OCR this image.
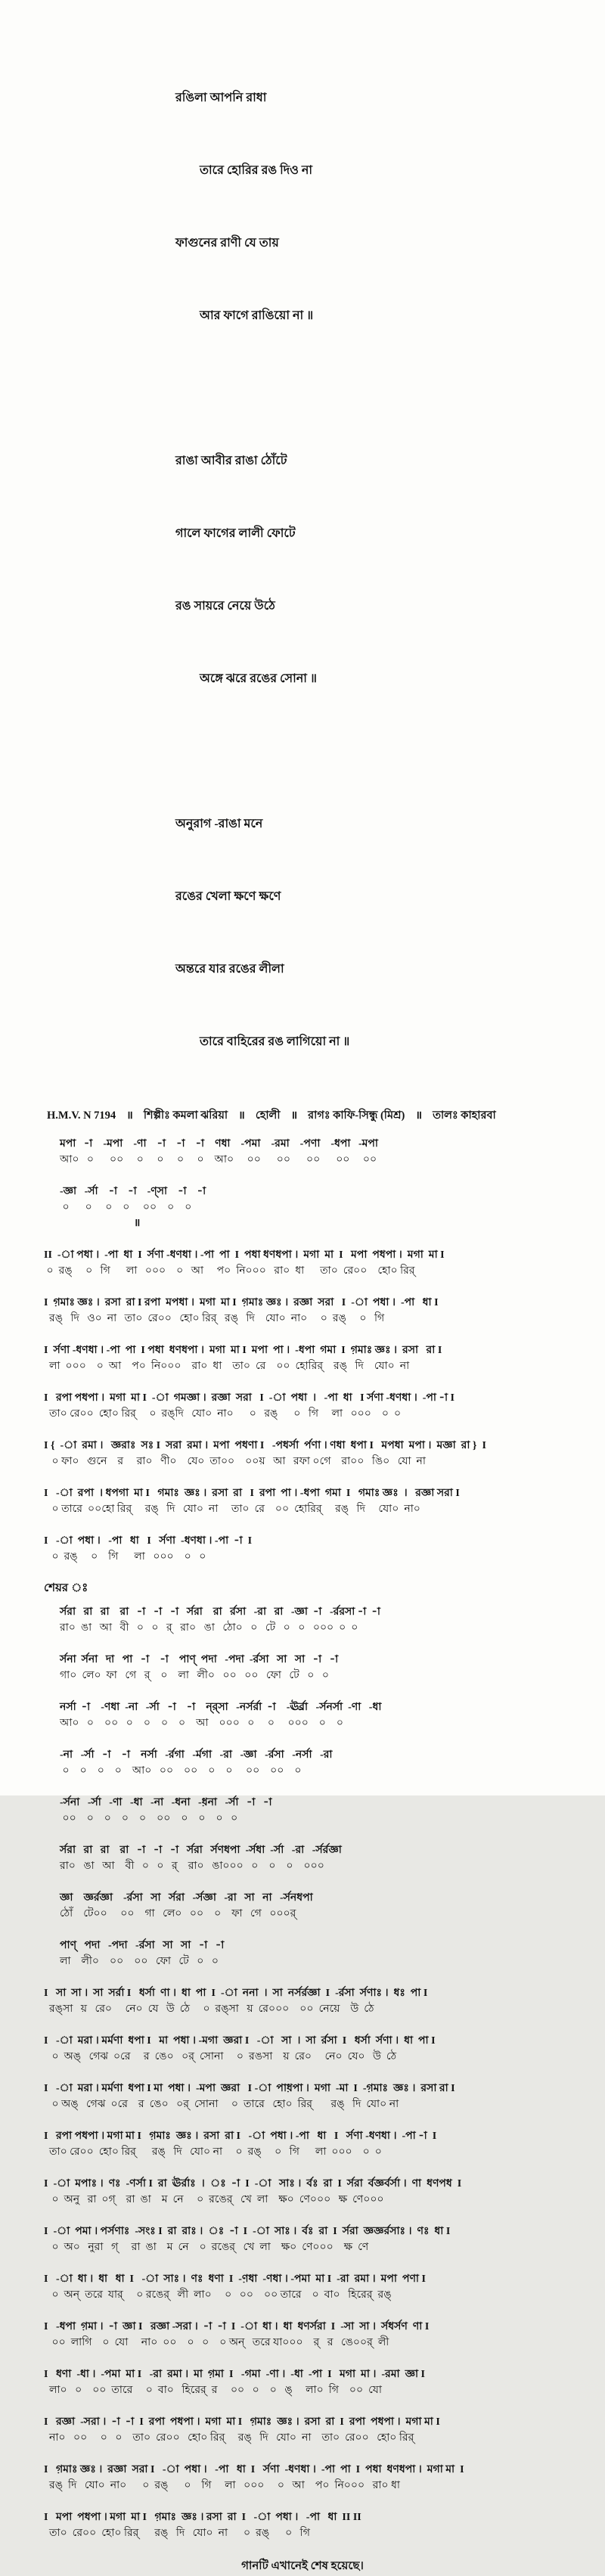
রঙিলা আপনি রাধা

তারে হোরির রঙ দিও না

ফাগুনের রাণী যে তায়

আর ফাগে রাঙিয়ো না ॥

রাঙা আবীর রাঙা ঠোঁটে

গালে ফাগের লালী ফোটে

রঙ সায়রে নেয়ে উঠে

অঙ্গে ঝরে রঙের সোনা ॥

অনুরাগ -রাঙা মনে

রঙের খেলা ক্ষণে ক্ষণে

অন্তরে যার রঙের লীলা

তারে বাহিরের রঙ লাগিয়ো না ॥

H.M.V. N 7194 ॥ শিল্পীঃ কমলা ঝরিয়া ॥ হোলী ॥ রাগঃ কাফি-সিন্ধু (মিশ্র) ॥ তালঃ কাহারবা
মপা   -া    -মপা    -ণা    -া    -া    -া    ণধা    -পমা    -রমা    -পণা    -ধপা   -মপা
আ০   ০      ০০     ০     ০     ০     ০    আ০     ০০      ০০      ০০      ০০     ০০
-জ্ঞা   -র্সা    -া    -া    -ণ্সা    -া    -া
০      ০     ০    ০     ০০    ০    ০
॥
II  -া পধা ।  -পা  ধা  I  র্সণা -ধণধা । -পা  পা  I  পধা ধণধপা ।  মগা  মা  I   মপা  পধপা ।  মগা  মা I
০  রঙ্     ০   গি      লা   ০০০    ০   আ     প০  নি০০০   রা০  ধা      তা০  রে০০    হো০ রির্
I  গ়মাঃ জ্ঞঃ ।  রসা  রা I রপা  মপধা ।  মগা  মা I  গ়মাঃ জ্ঞঃ ।  রজ্ঞা  সরা   I  -া  পধা ।  -পা   ধা I
রঙ্   দি   ও০  না   তা০  রে০০   হো০ রির্   রঙ্   দি    যো০  না০     ০  রঙ্     ০   গি
I  র্সণা -ধণধা । -পা  পা  I পধা  ধণধপা ।  মগা  মা I  মপা  পা ।  -ধপা  গমা  I  গ়মাঃ জ্ঞঃ ।  রসা   রা I
লা  ০০০    ০  আ    প০  নি০০০    রা০  ধা    তা০  রে    ০০  হোরির্    রঙ্   দি    যো০  না
I   রপা পধপা ।  মগা  মা I  -া  গমজ্ঞা ।  রজ্ঞা  সরা   I  -া  পধা  ।   -পা  ধা   I র্সণা -ধণধা ।  -পা -া I
তা০ রে০০  হো০ রির্     ০  রঙ্‌দি   যো০  না০      ০   রঙ্      ০   গি     লা   ০০০    ০  ০
I {  -া  রমা ।   জ্ঞরাঃ  সঃ I  সরা  রমা ।  মপা  পধণা I   -পধর্সা  র্পণা । ণধা  ধপা I   মপধা  মপা ।  মজ্ঞা  রা }  I
০ ফা০   গুনে    র     রা০   ণী০    যে০  তা০০    ০০য়   আ   রফা ০গে    রা০০   ঙি০   যো  না
I   -া  রপা  । ধপগা  মা I   গমাঃ  জ্ঞঃ ।  রসা  রা   I  রপা  পা । -ধপা  গমা  I   গমাঃ জ্ঞঃ  ।   রজ্ঞা সরা I
০ তারে  ০০হো রির্     রঙ্   দি   যো০  না     তা০  রে    ০০  হোরির্     রঙ্   দি     যো০  না০
I   -া  পধা ।   -পা   ধা   I   র্সণা  -ধণধা । -পা  -া  I
০  রঙ্     ০    গি      লা   ০০০    ০   ০
শেয়র ঃ
র্সরা   রা   রা    রা   -া   -া   -া   র্সরা    রা   র্রসা   -রা   রা   -জ্ঞা  -া   -র্ররসা -া  -া
রা০  ঙা   আ   বী   ০   ০   র্   রা০   ঙা   ঠো০   ০   টে   ০   ০   ০০০  ০  ০
র্সনা  র্সনা   দা   পা   -া    -া    পাণ্  পদা   -পদা  -র্রসা   সা   সা   -া   -া
গা০  লে০  ফা   গে   র্    ০    লা   লী০   ০০   ০০   ফো   টে   ০   ০
নর্সা  -া    -ণধা  -না   -র্সা   -া    -া    ন্র্সা   -নর্সর্রা  -া    -ঊর্র্রা   -র্সনর্সা  -ণা   -ধা
আ০   ০    ০০   ০    ০    ০    ০    আ    ০০০   ০     ০     ০০০    ০    ০
-না   -র্সা   -া    -া    নর্সা   -র্রগা   -র্মগা   -রা   -জ্ঞা   -র্রসা   -নর্সা   -রা
০    ০    ০    ০    আ০   ০০    ০০    ০    ০     ০০    ০০    ০
-র্সনা   -র্সা   -ণা   -ধা   -না   -ধনা   -ধ়না   -র্সা   -া   -া
০০    ০    ০    ০    ০    ০০    ০    ০    ০   ০
র্সরা   রা   রা    রা   -া   -া   -া   র্সরা   র্সণধপা  -র্সধা  -র্সা   -রা   -র্সর্রজ্ঞা
রা০   ঙা   আ    বী   ০   ০   র্    রা০   ঙা০০০   ০    ০    ০    ০০০
জ্ঞা    জ্ঞর্রজ্ঞা    -র্রসা   সা   র্সরা   -র্সজ্ঞা   -রা   সা   না   -র্সনধপা
ঠোঁ    টে০০     ০০    গা   লে০   ০০    ০    ফা   গে   ০০০র্
পাণ্   পদা   -পদা   -র্রসা   সা   সা   -া   -া
লা    লী০    ০০    ০০   ফো   টে   ০   ০
I   সা  সা ।  সা  সর্রা I   ধর্সা  ণা ।  ধা  পা  I  -া  ননা  ।  সা  নর্সর্রজ্ঞা  I  -র্রসা  র্সণাঃ ।  ধঃ  পা I
রঙ্‌সা   য়   রে০     নে০  যে   উ  ঠে     ০  রঙ্‌সা   য়  রে০০০    ০০  নেয়ে    উ  ঠে
I   -া  মরা । মর্মণা  ধপা I   মা  পধা । -মগা  জ্ঞরা I   -া   সা  ।  সা  র্রসা  I   ধর্সা  র্সণা ।  ধা  পা I
০  অঙ্   গেঝ  ০রে     র  ঙে০   ০র্  সোনা     ০  রঙসা    য়  রে০     নে০  যে০   উ  ঠে
I   -া  মরা । মর্মণা  ধপা I মা  পধা ।  -মপা  জ্ঞরা   I -া  পাধ়পা ।  মগা  -মা  I  -গ়মাঃ  জ্ঞঃ ।  রসা রা I
০ অঙ্   গেঝ  ০রে    র  ঙে০   ০র্  সোনা     ০  তারে   হো০  রির্       রঙ্   দি  যো০ না
I   রপা পধপা । মগা মা I   গ়মাঃ  জ্ঞঃ ।  রসা  রা I   -া  পধা । -পা   ধা   I   র্সণা -ধণধা ।  -পা -া  I
তা০ রে০০  হো০ রির্      রঙ্   দি   যো০ না     ০  রঙ্     ০   গি      লা  ০০০    ০  ০
I  -া  মপাঃ ।  ণঃ  -ণর্সা I  রা  ঊর্রাঃ  ।  ঃ  -া  I  -া   সাঃ ।  র্বঃ  রা  I  র্সরা  র্বজ্ঞর্বর্সা ।  ণা  ধণপধ  I
০  অনু   রা  ০গ্    রা  ঙা    ম  নে     ০  রঙের্   খে  লা    ক্ষ০  ণে০০০   ক্ষ  ণে০০০
I  -া  পমা । পর্সণাঃ  -সংঃ I  রা  রাঃ ।  ঃ  -া  I  -া  সাঃ ।  র্বঃ  রা  I  র্সরা  জ্ঞজ্ঞর্রসাঃ ।  ণঃ  ধা I
০  অ০   নুরা   গ্     রা  ঙা    ম  নে    ০  রঙের্   খে  লা    ক্ষ০  ণে০০০    ক্ষ  ণে
I   -া  ধা ।  ধা   ধা  I   -া  সাঃ ।  ণঃ  ধণা  I  -ণ়ধা  -ণধা । -পমা  মা I  -রা  রমা ।  মপা  পণা I
০  অন্  তরে  যার্     ০ রঙের্   লী  লা০     ০   ০০    ০০ তারে    ০  বা০   হিরের্  রঙ্
I   -ধপা  গ়মা ।  -া  জ্ঞা I   রজ্ঞা -সরা ।  -া  -া  I  -া  ধা ।  ধা  ধণর্সরা  I  -সা  সা ।  র্সধর্সণ  ণা I
০০  লাগি    ০  যো     না০  ০০    ০   ০    ০ অন্   তরে যা০০০    র্   র   ঙে০০র্  লী
I   ধণা  -ধা ।  -পমা  মা I   -রা  রমা ।  মা  গ়মা  I   -গমা  -ণা ।  -ধা  -পা  I   মগা  মা ।  -রমা  জ্ঞা I
লা০   ০    ০০  তারে     ০  বা০   হিরের্  র     ০০   ০    ০   ঙ্     লা০  গি    ০০  যো
I   রজ্ঞা  -সরা ।  -া  -া  I  রপা  পধপা ।  মগা  মা I   গ়মাঃ  জ্ঞঃ ।  রসা  রা  I  রপা  পধপা ।  মগা মা I
না০   ০০     ০   ০    তা০  রে০০   হো০ রির্     রঙ্   দি   যো০  না    তা০  রে০০   হো০ রির্
I   গ়মাঃ জ্ঞঃ ।  রজ্ঞা  সরা I   -া  পধা ।   -পা   ধা  I   র্সণা  -ধণধা ।  -পা  পা  I  পধা  ধণধপা ।  মগা মা  I
রঙ্  দি   যো০  না০      ০  রঙ্      ০    গি     লা   ০০০     ০   আ    প০  নি০০০   রা০ ধা
I   মপা  পধপা । মগা  মা I   গ়মাঃ  জ্ঞঃ । রসা  রা  I   -া  পধা ।   -পা   ধা  II II
তা০  রে০০  হো০ রির্      রঙ্   দি   যো০  না      ০  রঙ্      ০   গি
গানটি এখানেই শেষ হয়েছে।
